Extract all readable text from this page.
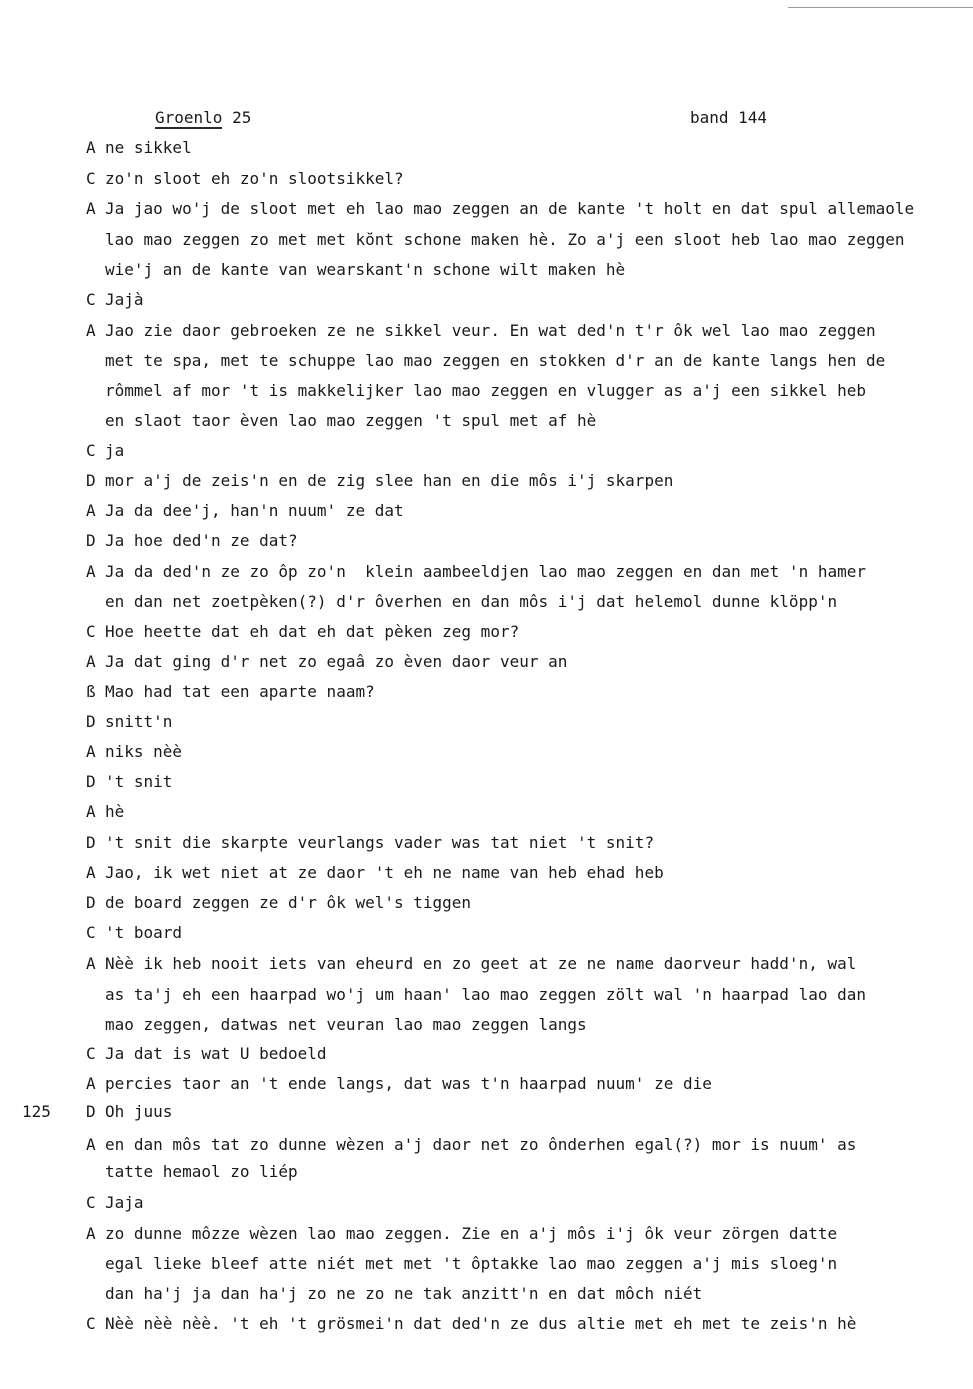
Groenlo 25	band 144
125
A ne sikkel
C zo'n sloot eh zo'n slootsikkel?
A Ja jao wo'j de sloot met eh lao mao zeggen an de kante 't holt en dat spul allemaole
lao mao zeggen zo met met kŏnt schone maken hè. Zo a'j een sloot heb lao mao zeggen
wie'j an de kante van wearskant'n schone wilt maken hè
C Jajà
A Jao zie daor gebroeken ze ne sikkel veur. En wat ded'n t'r ôk wel lao mao zeggen
met te spa, met te schuppe lao mao zeggen en stokken d'r an de kante langs hen de
rômmel af mor 't is makkelijker lao mao zeggen en vlugger as a'j een sikkel heb
en slaot taor èven lao mao zeggen 't spul met af hè
C ja
D mor a'j de zeis'n en de zig slee han en die môs i'j skarpen
A Ja da dee'j, han'n nuum' ze dat
D Ja hoe ded'n ze dat?
A Ja da ded'n ze zo ôp zo'n  klein aambeeldjen lao mao zeggen en dan met 'n hamer
en dan net zoetpèken(?) d'r ôverhen en dan môs i'j dat helemol dunne klöpp'n
C Hoe heette dat eh dat eh dat pèken zeg mor?
A Ja dat ging d'r net zo egaâ zo èven daor veur an
ß Mao had tat een aparte naam?
D snitt'n
A niks nèè
D 't snit
A hè
D 't snit die skarpte veurlangs vader was tat niet 't snit?
A Jao, ik wet niet at ze daor 't eh ne name van heb ehad heb
D de board zeggen ze d'r ôk wel's tiggen
C 't board
A Nèè ik heb nooit iets van eheurd en zo geet at ze ne name daorveur hadd'n, wal
as ta'j eh een haarpad wo'j um haan' lao mao zeggen zölt wal 'n haarpad lao dan
mao zeggen, datwas net veuran lao mao zeggen langs
C Ja dat is wat U bedoeld
A percies taor an 't ende langs, dat was t'n haarpad nuum' ze die
D Oh juus
A en dan môs tat zo dunne wèzen a'j daor net zo ônderhen egal(?) mor is nuum' as
tatte hemaol zo liép
C Jaja
A zo dunne môzze wèzen lao mao zeggen. Zie en a'j môs i'j ôk veur zörgen datte
egal lieke bleef atte niét met met 't ôptakke lao mao zeggen a'j mis sloeg'n
dan ha'j ja dan ha'j zo ne zo ne tak anzitt'n en dat môch niét
C Nèè nèè nèè. 't eh 't grösmei'n dat ded'n ze dus altie met eh met te zeis'n hè
